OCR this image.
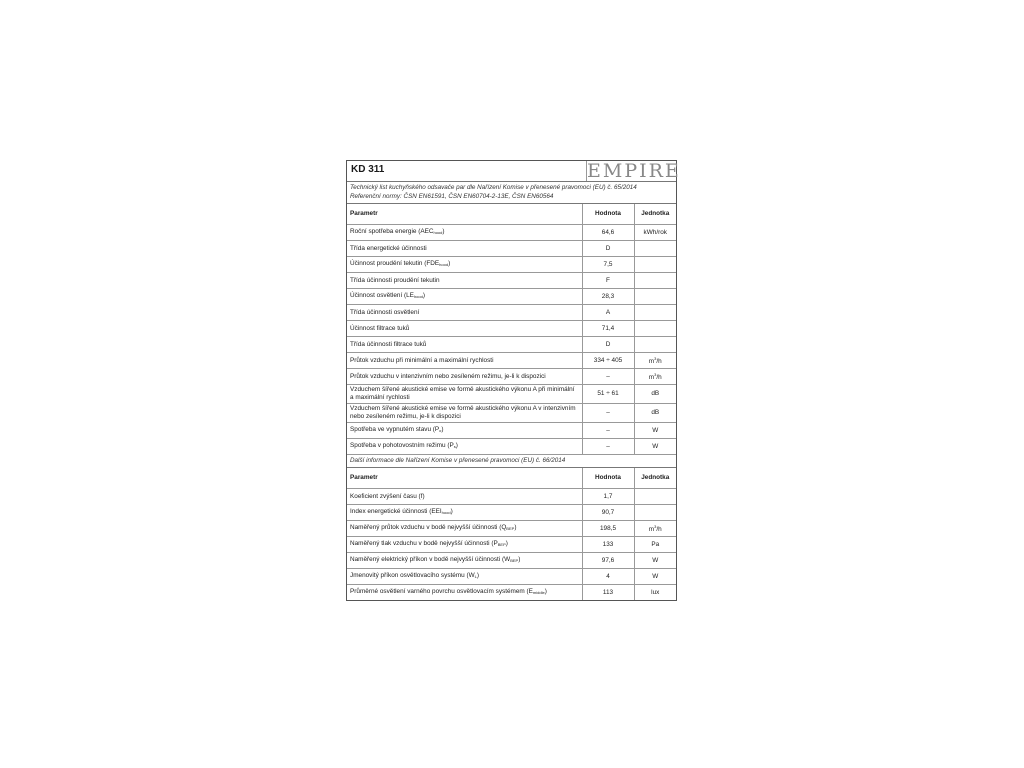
KD 311	EMPIRE
Technický list kuchyňského odsavače par dle Nařízení Komise v přenesené pravomoci (EU) č. 65/2014
Referenční normy: ČSN EN61591, ČSN EN60704-2-13E, ČSN EN60564
Parametr	Hodnota	Jednotka
Roční spotřeba energie $(AEC_{hood})$	64,6	kWh/rok
Třída energetické účinnosti	D	
Účinnost proudění tekutin $(FDE_{hood})$	7,5	
Třída účinnosti proudění tekutin	F	
Účinnost osvětlení $(LE_{hood})$	28,3	
Třída účinnosti osvětlení	A	
Účinnost filtrace tuků	71,4	
Třída účinnosti filtrace tuků	D	
Průtok vzduchu při minimální a maximální rychlosti	334 ÷ 405	$m^3/h$
Průtok vzduchu v intenzivním nebo zesíleném režimu, je-li k dispozici	–	$m^3/h$
Vzduchem šířené akustické emise ve formě akustického výkonu A při minimální a maximální rychlosti	51 ÷ 61	dB
Vzduchem šířené akustické emise ve formě akustického výkonu A v intenzivním nebo zesíleném režimu, je-li k dispozici	–	dB
Spotřeba ve vypnutém stavu $(P_o)$	–	W
Spotřeba v pohotovostním režimu $(P_s)$	–	W
Další informace dle Nařízení Komise v přenesené pravomoci (EU) č. 66/2014
Parametr	Hodnota	Jednotka
Koeficient zvýšení času (f)	1,7	
Index energetické účinnosti $(EEI_{hood})$	90,7	
Naměřený průtok vzduchu v bodě nejvyšší účinnosti $(Q_{BEP})$	198,5	$m^3/h$
Naměřený tlak vzduchu v bodě nejvyšší účinnosti $(P_{BEP})$	133	Pa
Naměřený elektrický příkon v bodě nejvyšší účinnosti $(W_{BEP})$	97,6	W
Jmenovitý příkon osvětlovacího systému $(W_L)$	4	W
Průměrné osvětlení varného povrchu osvětlovacím systémem $(E_{middle})$	113	lux
